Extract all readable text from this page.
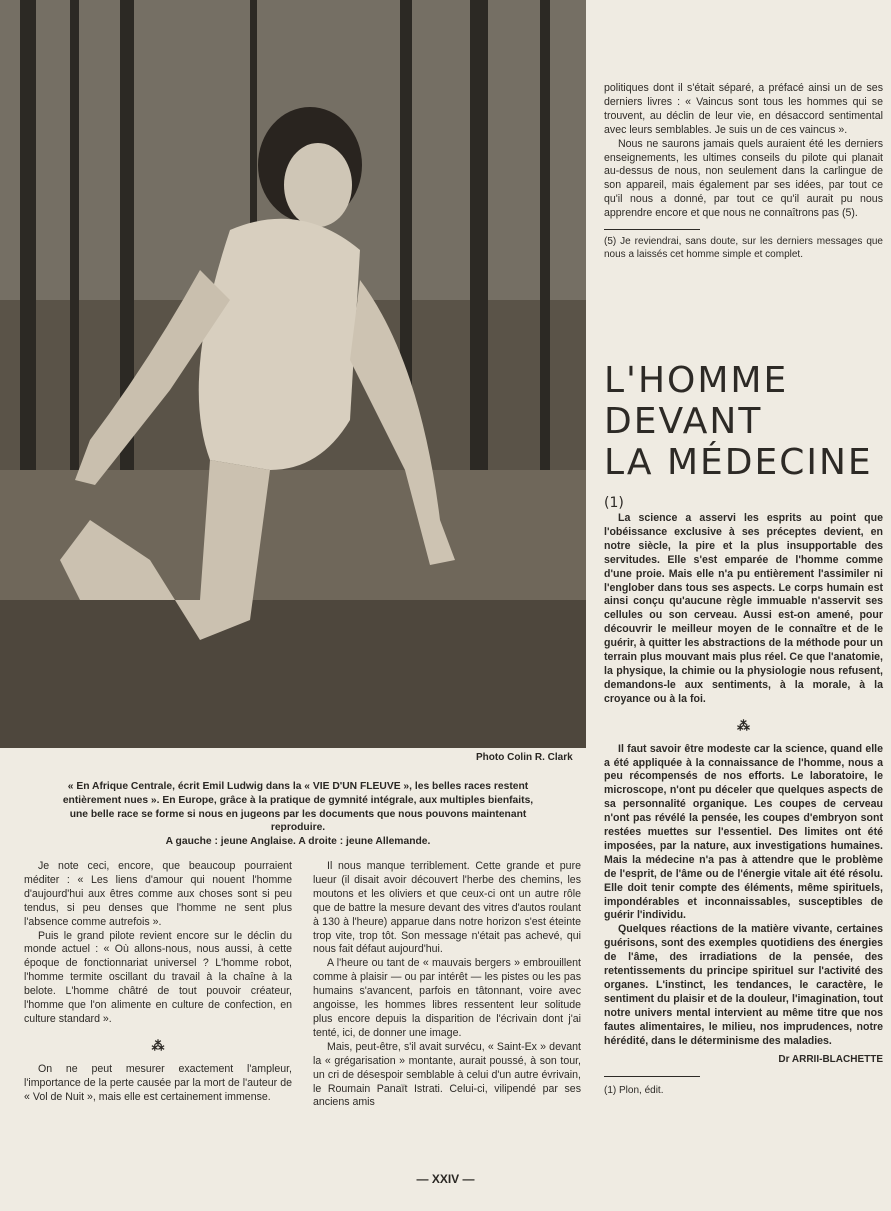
Photo Colin R. Clark
« En Afrique Centrale, écrit Emil Ludwig dans la « VIE D'UN FLEUVE », les belles races restent entièrement nues ». En Europe, grâce à la pratique de gymnité intégrale, aux multiples bienfaits, une belle race se forme si nous en jugeons par les documents que nous pouvons maintenant reproduire.
A gauche : jeune Anglaise. A droite : jeune Allemande.

politiques dont il s'était séparé, a préfacé ainsi un de ses derniers livres : « Vaincus sont tous les hommes qui se trouvent, au déclin de leur vie, en désaccord sentimental avec leurs semblables. Je suis un de ces vaincus ».

Nous ne saurons jamais quels auraient été les derniers enseignements, les ultimes conseils du pilote qui planait au-dessus de nous, non seulement dans la carlingue de son appareil, mais également par ses idées, par tout ce qu'il nous a donné, par tout ce qu'il aurait pu nous apprendre encore et que nous ne connaîtrons pas (5).

(5) Je reviendrai, sans doute, sur les derniers messages que nous a laissés cet homme simple et complet.
L'HOMME
DEVANT
LA MÉDECINE $^{(1)}$

La science a asservi les esprits au point que l'obéissance exclusive à ses préceptes devient, en notre siècle, la pire et la plus insupportable des servitudes. Elle s'est emparée de l'homme comme d'une proie. Mais elle n'a pu entièrement l'assimiler ni l'englober dans tous ses aspects. Le corps humain est ainsi conçu qu'aucune règle immuable n'asservit ses cellules ou son cerveau. Aussi est-on amené, pour découvrir le meilleur moyen de le connaître et de le guérir, à quitter les abstractions de la méthode pour un terrain plus mouvant mais plus réel. Ce que l'anatomie, la physique, la chimie ou la physiologie nous refusent, demandons-le aux sentiments, à la morale, à la croyance ou à la foi.

⁂

Il faut savoir être modeste car la science, quand elle a été appliquée à la connaissance de l'homme, nous a peu récompensés de nos efforts. Le laboratoire, le microscope, n'ont pu déceler que quelques aspects de sa personnalité organique. Les coupes de cerveau n'ont pas révélé la pensée, les coupes d'embryon sont restées muettes sur l'essentiel. Des limites ont été imposées, par la nature, aux investigations humaines. Mais la médecine n'a pas à attendre que le problème de l'esprit, de l'âme ou de l'énergie vitale ait été résolu. Elle doit tenir compte des éléments, même spirituels, impondérables et inconnaissables, susceptibles de guérir l'individu.

Quelques réactions de la matière vivante, certaines guérisons, sont des exemples quotidiens des énergies de l'âme, des irradiations de la pensée, des retentissements du principe spirituel sur l'activité des organes. L'instinct, les tendances, le caractère, le sentiment du plaisir et de la douleur, l'imagination, tout notre univers mental intervient au même titre que nos fautes alimentaires, le milieu, nos imprudences, notre hérédité, dans le déterminisme des maladies.

Dr ARRII-BLACHETTE
(1) Plon, édit.

Je note ceci, encore, que beaucoup pourraient méditer : « Les liens d'amour qui nouent l'homme d'aujourd'hui aux êtres comme aux choses sont si peu tendus, si peu denses que l'homme ne sent plus l'absence comme autrefois ».

Puis le grand pilote revient encore sur le déclin du monde actuel : « Où allons-nous, nous aussi, à cette époque de fonctionnariat universel ? L'homme robot, l'homme termite oscillant du travail à la chaîne à la belote. L'homme châtré de tout pouvoir créateur, l'homme que l'on alimente en culture de confection, en culture standard ».

⁂

On ne peut mesurer exactement l'ampleur, l'importance de la perte causée par la mort de l'auteur de « Vol de Nuit », mais elle est certainement immense.

Il nous manque terriblement. Cette grande et pure lueur (il disait avoir découvert l'herbe des chemins, les moutons et les oliviers et que ceux-ci ont un autre rôle que de battre la mesure devant des vitres d'autos roulant à 130 à l'heure) apparue dans notre horizon s'est éteinte trop vite, trop tôt. Son message n'était pas achevé, qui nous fait défaut aujourd'hui.

A l'heure ou tant de « mauvais bergers » embrouillent comme à plaisir — ou par intérêt — les pistes ou les pas humains s'avancent, parfois en tâtonnant, voire avec angoisse, les hommes libres ressentent leur solitude plus encore depuis la disparition de l'écrivain dont j'ai tenté, ici, de donner une image.

Mais, peut-être, s'il avait survécu, « Saint-Ex » devant la « grégarisation » montante, aurait poussé, à son tour, un cri de désespoir semblable à celui d'un autre évrivain, le Roumain Panaït Istrati. Celui-ci, vilipendé par ses anciens amis

— XXIV —
